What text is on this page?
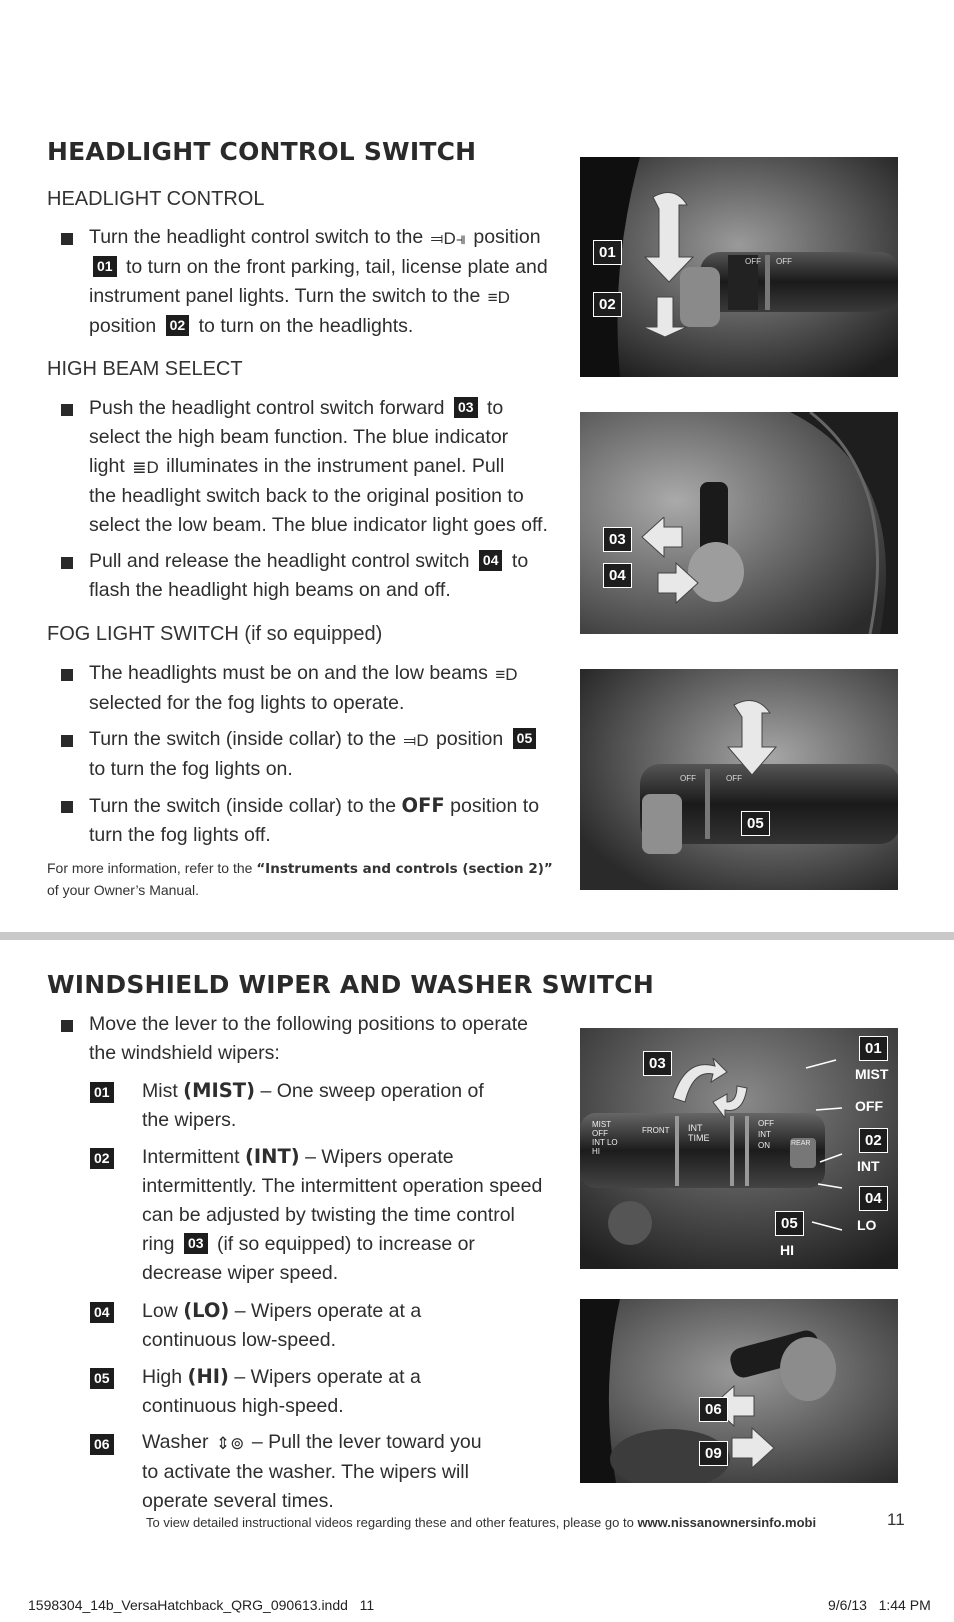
HEADLIGHT CONTROL SWITCH
HEADLIGHT CONTROL
Turn the headlight control switch to the ⫤D⫣ position
01 to turn on the front parking, tail, license plate and
instrument panel lights. Turn the switch to the ≡D
position 02 to turn on the headlights.
HIGH BEAM SELECT
Push the headlight control switch forward 03 to
select the high beam function. The blue indicator
light ≣D illuminates in the instrument panel. Pull
the headlight switch back to the original position to
select the low beam. The blue indicator light goes off.
Pull and release the headlight control switch 04 to
flash the headlight high beams on and off.
FOG LIGHT SWITCH (if so equipped)
The headlights must be on and the low beams ≡D
selected for the fog lights to operate.
Turn the switch (inside collar) to the ⫤D position 05
to turn the fog lights on.
Turn the switch (inside collar) to the OFF position to
turn the fog lights off.
For more information, refer to the “Instruments and controls (section 2)”
of your Owner’s Manual.
OFF OFF
01
02
03
04
OFF	OFF
05
WINDSHIELD WIPER AND WASHER SWITCH
Move the lever to the following positions to operate
the windshield wipers:
01 Mist (MIST) – One sweep operation of
the wipers.
02 Intermittent (INT) – Wipers operate
intermittently. The intermittent operation speed
can be adjusted by twisting the time control
ring 03 (if so equipped) to increase or
decrease wiper speed.
04 Low (LO) – Wipers operate at a
continuous low-speed.
05 High (HI) – Wipers operate at a
continuous high-speed.
06 Washer ⇕⊚ – Pull the lever toward you
to activate the washer. The wipers will
operate several times.
MIST OFF INT LO HI
FRONT INT TIME
OFF
INT
ON	REAR
03
01
MIST
OFF
02
INT
04
LO
05
HI
06
09
To view detailed instructional videos regarding these and other features, please go to www.nissanownersinfo.mobi	11
1598304_14b_VersaHatchback_QRG_090613.indd   11	9/6/13   1:44 PM
